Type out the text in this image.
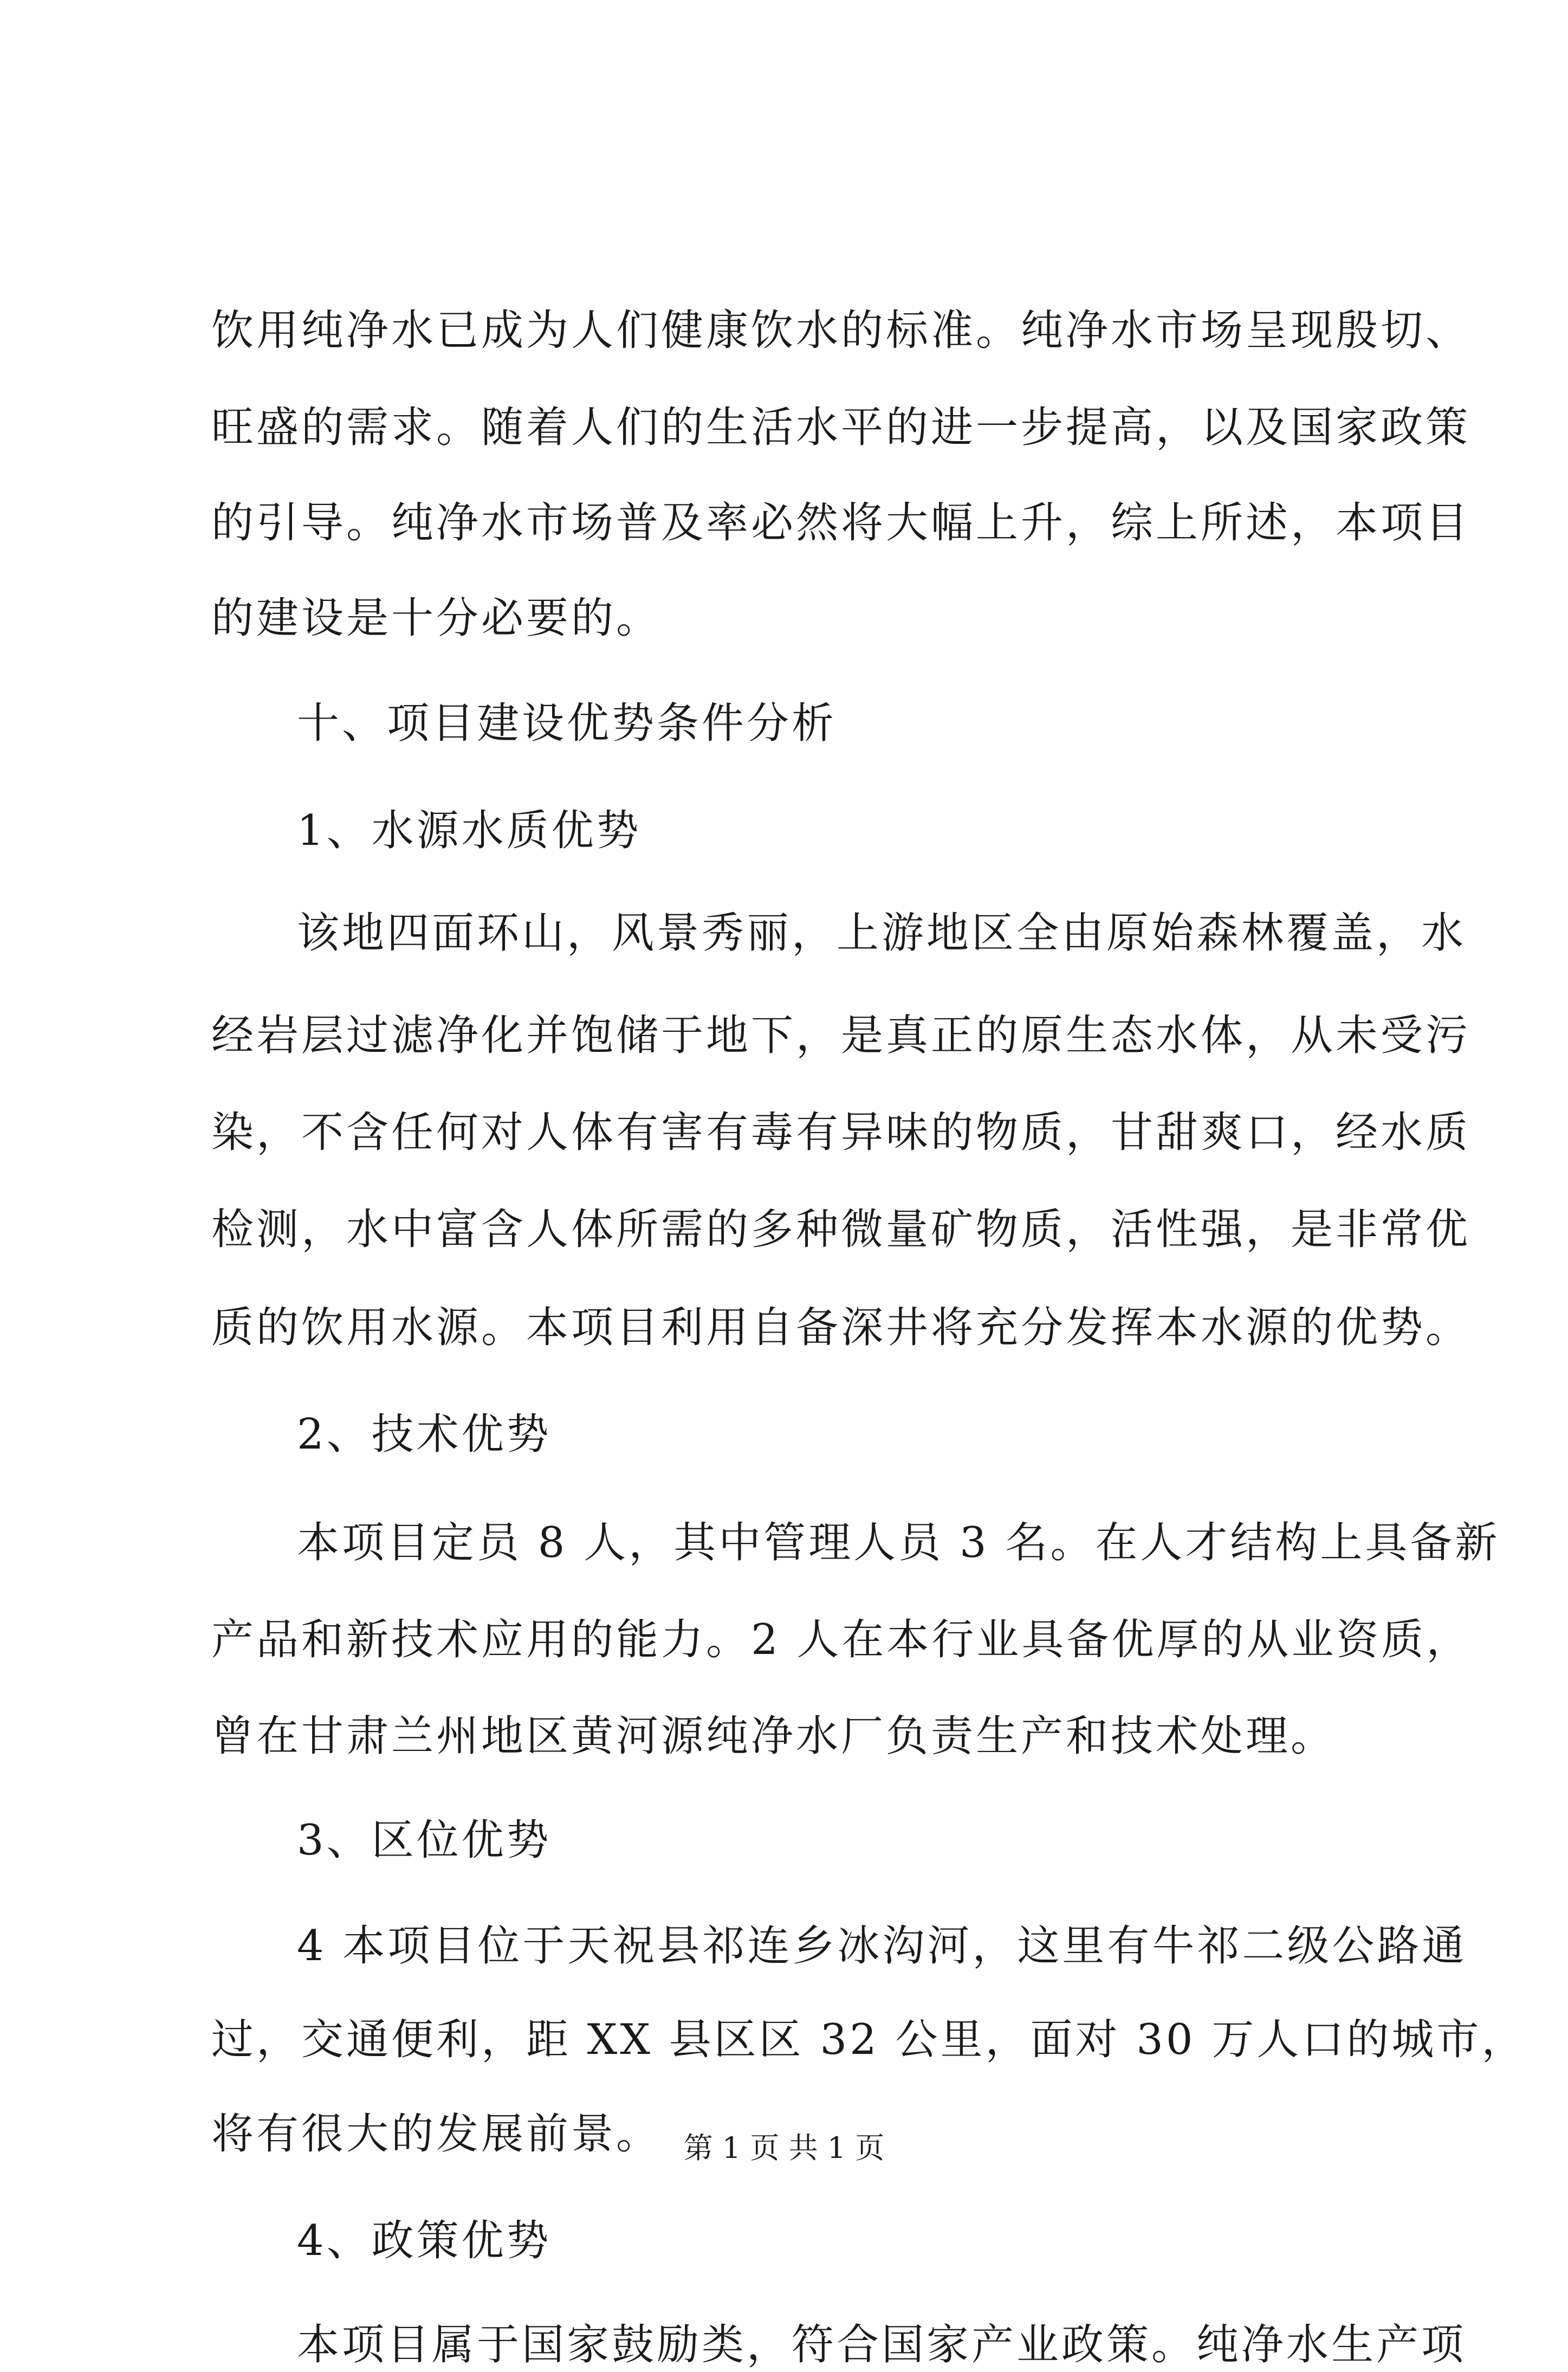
饮用纯净水已成为人们健康饮水的标准。纯净水市场呈现殷切、
旺盛的需求。随着人们的生活水平的进一步提高，以及国家政策
的引导。纯净水市场普及率必然将大幅上升，综上所述，本项目
的建设是十分必要的。
十、项目建设优势条件分析
1、水源水质优势
该地四面环山，风景秀丽，上游地区全由原始森林覆盖，水
经岩层过滤净化并饱储于地下，是真正的原生态水体，从未受污
染，不含任何对人体有害有毒有异味的物质，甘甜爽口，经水质
检测，水中富含人体所需的多种微量矿物质，活性强，是非常优
质的饮用水源。本项目利用自备深井将充分发挥本水源的优势。
2、技术优势
本项目定员 8 人，其中管理人员 3 名。在人才结构上具备新
产品和新技术应用的能力。2 人在本行业具备优厚的从业资质，
曾在甘肃兰州地区黄河源纯净水厂负责生产和技术处理。
3、区位优势
4 本项目位于天祝县祁连乡冰沟河，这里有牛祁二级公路通
过，交通便利，距 XX 县区区 32 公里，面对 30 万人口的城市，
将有很大的发展前景。
4、政策优势
本项目属于国家鼓励类，符合国家产业政策。纯净水生产项
第 1 页 共 1 页
